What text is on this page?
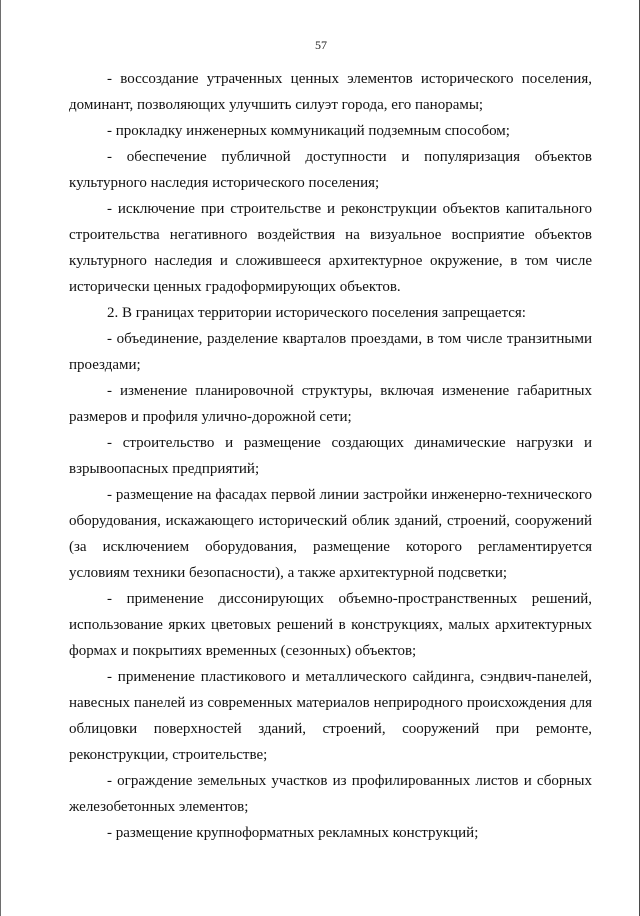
57

- воссоздание утраченных ценных элементов исторического поселения, доминант, позволяющих улучшить силуэт города, его панорамы;

- прокладку инженерных коммуникаций подземным способом;

- обеспечение публичной доступности и популяризация объектов культурного наследия исторического поселения;

- исключение при строительстве и реконструкции объектов капитального строительства негативного воздействия на визуальное восприятие объектов культурного наследия и сложившееся архитектурное окружение, в том числе исторически ценных градоформирующих объектов.

2. В границах территории исторического поселения запрещается:

- объединение, разделение кварталов проездами, в том числе транзитными проездами;

- изменение планировочной структуры, включая изменение габаритных размеров и профиля улично-дорожной сети;

- строительство и размещение создающих динамические нагрузки и взрывоопасных предприятий;

- размещение на фасадах первой линии застройки инженерно-технического оборудования, искажающего исторический облик зданий, строений, сооружений (за исключением оборудования, размещение которого регламентируется условиям техники безопасности), а также архитектурной подсветки;

- применение диссонирующих объемно-пространственных решений, использование ярких цветовых решений в конструкциях, малых архитектурных формах и покрытиях временных (сезонных) объектов;

- применение пластикового и металлического сайдинга, сэндвич-панелей, навесных панелей из современных материалов неприродного происхождения для облицовки поверхностей зданий, строений, сооружений при ремонте, реконструкции, строительстве;

- ограждение земельных участков из профилированных листов и сборных железобетонных элементов;

- размещение крупноформатных рекламных конструкций;
